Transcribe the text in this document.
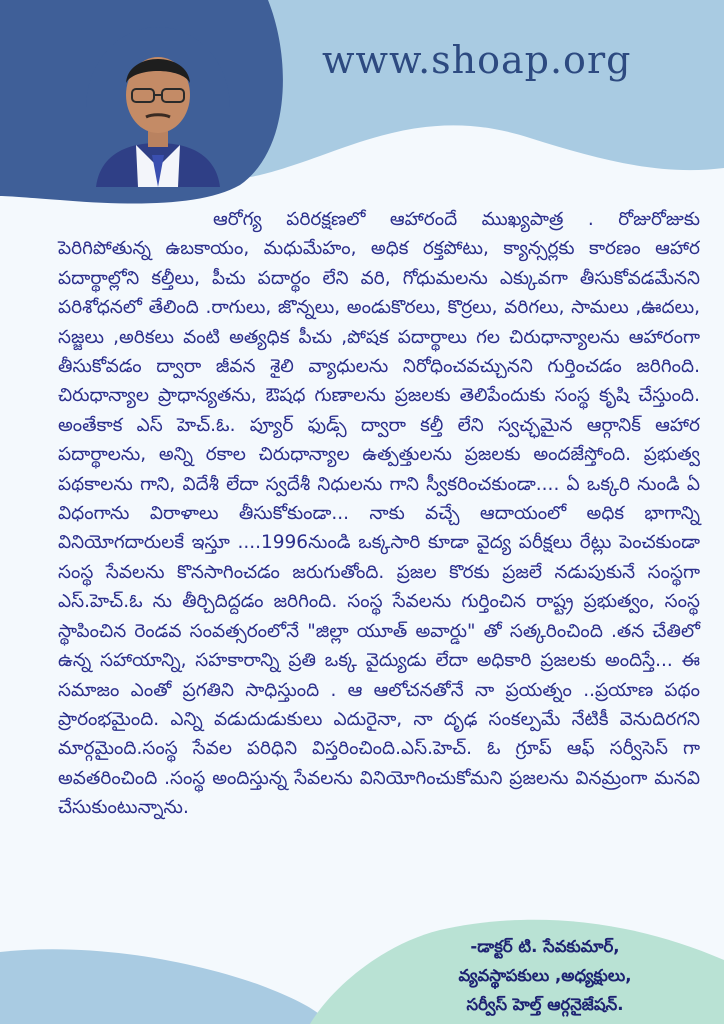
www.shoap.org

ఆరోగ్య పరిరక్షణలో ఆహారందే ముఖ్యపాత్ర . రోజురోజుకు పెరిగిపోతున్న ఉబకాయం, మధుమేహం, అధిక రక్తపోటు, క్యాన్సర్లకు కారణం ఆహార పదార్థాల్లోని కల్తీలు, పీచు పదార్థం లేని వరి, గోధుమలను ఎక్కువగా తీసుకోవడమేనని పరిశోధనలో తేలింది .రాగులు, జొన్నలు, అండుకొరలు, కొర్రలు, వరిగలు, సామలు ,ఊదలు, సజ్జలు ,అరికలు వంటి అత్యధిక పీచు ,పోషక పదార్థాలు గల చిరుధాన్యాలను ఆహారంగా తీసుకోవడం ద్వారా జీవన శైలి వ్యాధులను నిరోధించవచ్చునని గుర్తించడం జరిగింది. చిరుధాన్యాల ప్రాధాన్యతను, ఔషధ గుణాలను ప్రజలకు తెలిపేందుకు సంస్థ కృషి చేస్తుంది. అంతేకాక ఎస్ హెచ్.ఓ. ప్యూర్ ఫుడ్స్ ద్వారా కల్తీ లేని స్వచ్ఛమైన ఆర్గానిక్ ఆహార పదార్థాలను, అన్ని రకాల చిరుధాన్యాల ఉత్పత్తులను ప్రజలకు అందజేస్తోంది. ప్రభుత్వ పథకాలను గాని, విదేశీ లేదా స్వదేశీ నిధులను గాని స్వీకరించకుండా.... ఏ ఒక్కరి నుండి ఏ విధంగాను విరాళాలు తీసుకోకుండా... నాకు వచ్చే ఆదాయంలో అధిక భాగాన్ని వినియోగదారులకే ఇస్తూ ....1996నుండి ఒక్కసారి కూడా వైద్య పరీక్షలు రేట్లు పెంచకుండా సంస్థ సేవలను కొనసాగించడం జరుగుతోంది. ప్రజల కొరకు ప్రజలే నడుపుకునే సంస్థగా ఎస్.హెచ్.ఓ ను తీర్చిదిద్దడం జరిగింది. సంస్థ సేవలను గుర్తించిన రాష్ట్ర ప్రభుత్వం, సంస్థ స్థాపించిన రెండవ సంవత్సరంలోనే "జిల్లా యూత్ అవార్డు" తో సత్కరించింది .తన చేతిలో ఉన్న సహాయాన్ని, సహకారాన్ని ప్రతి ఒక్క వైద్యుడు లేదా అధికారి ప్రజలకు అందిస్తే... ఈ సమాజం ఎంతో ప్రగతిని సాధిస్తుంది . ఆ ఆలోచనతోనే నా ప్రయత్నం ..ప్రయాణ పథం ప్రారంభమైంది. ఎన్ని వడుదుడుకులు ఎదురైనా, నా దృఢ సంకల్పమే నేటికీ వెనుదిరగని మార్గమైంది.సంస్థ సేవల పరిధిని విస్తరించింది.ఎస్.హెచ్. ఓ గ్రూప్ ఆఫ్ సర్వీసెస్ గా అవతరించింది .సంస్థ అందిస్తున్న సేవలను వినియోగించుకోమని ప్రజలను వినమ్రంగా మనవి చేసుకుంటున్నాను.

-డాక్టర్ టి. సేవకుమార్,
వ్యవస్థాపకులు ,అధ్యక్షులు,
సర్వీస్ హెల్త్ ఆర్గనైజేషన్.
